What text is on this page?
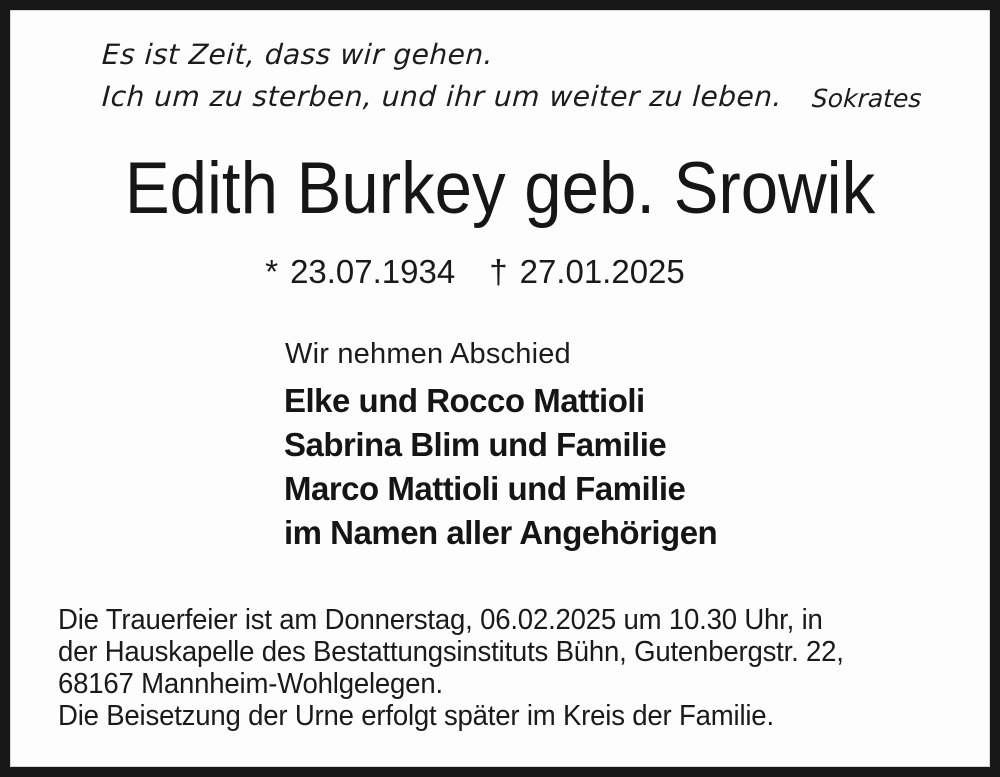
Es ist Zeit, dass wir gehen.
Ich um zu sterben, und ihr um weiter zu leben. Sokrates
Edith Burkey geb. Srowik
* 23.07.1934 † 27.01.2025
Wir nehmen Abschied
Elke und Rocco Mattioli
Sabrina Blim und Familie
Marco Mattioli und Familie
im Namen aller Angehörigen
Die Trauerfeier ist am Donnerstag, 06.02.2025 um 10.30 Uhr, in
der Hauskapelle des Bestattungsinstituts Bühn, Gutenbergstr. 22,
68167 Mannheim-Wohlgelegen.
Die Beisetzung der Urne erfolgt später im Kreis der Familie.
